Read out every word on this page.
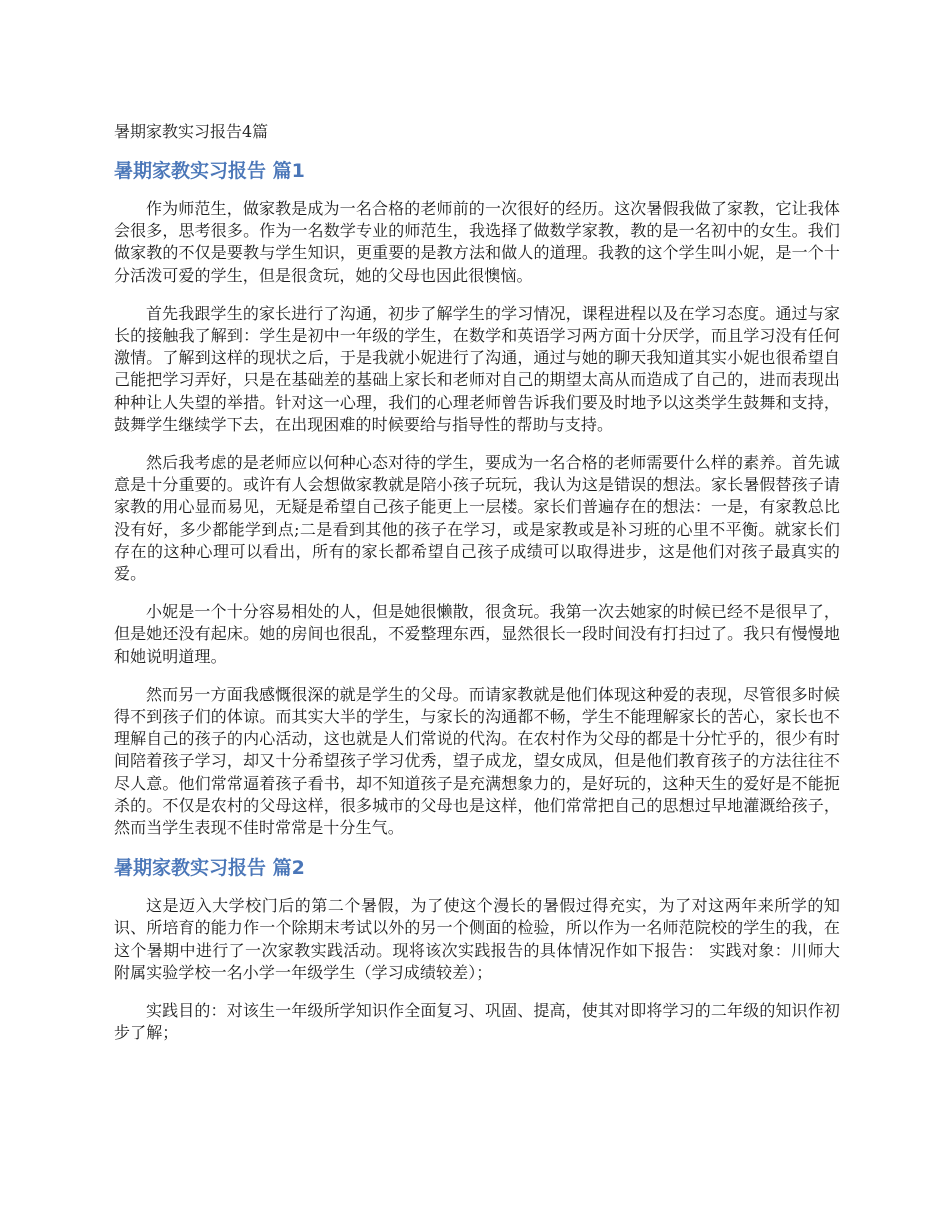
暑期家教实习报告4篇
暑期家教实习报告 篇1

作为师范生，做家教是成为一名合格的老师前的一次很好的经历。这次暑假我做了家教，它让我体会很多，思考很多。作为一名数学专业的师范生，我选择了做数学家教，教的是一名初中的女生。我们做家教的不仅是要教与学生知识，更重要的是教方法和做人的道理。我教的这个学生叫小妮，是一个十分活泼可爱的学生，但是很贪玩，她的父母也因此很懊恼。

首先我跟学生的家长进行了沟通，初步了解学生的学习情况，课程进程以及在学习态度。通过与家长的接触我了解到：学生是初中一年级的学生，在数学和英语学习两方面十分厌学，而且学习没有任何激情。了解到这样的现状之后，于是我就小妮进行了沟通，通过与她的聊天我知道其实小妮也很希望自己能把学习弄好，只是在基础差的基础上家长和老师对自己的期望太高从而造成了自己的，进而表现出种种让人失望的举措。针对这一心理，我们的心理老师曾告诉我们要及时地予以这类学生鼓舞和支持，鼓舞学生继续学下去，在出现困难的时候要给与指导性的帮助与支持。

然后我考虑的是老师应以何种心态对待的学生，要成为一名合格的老师需要什么样的素养。首先诚意是十分重要的。或许有人会想做家教就是陪小孩子玩玩，我认为这是错误的想法。家长暑假替孩子请家教的用心显而易见，无疑是希望自己孩子能更上一层楼。家长们普遍存在的想法：一是，有家教总比没有好，多少都能学到点;二是看到其他的孩子在学习，或是家教或是补习班的心里不平衡。就家长们存在的这种心理可以看出，所有的家长都希望自己孩子成绩可以取得进步，这是他们对孩子最真实的爱。

小妮是一个十分容易相处的人，但是她很懒散，很贪玩。我第一次去她家的时候已经不是很早了，但是她还没有起床。她的房间也很乱，不爱整理东西，显然很长一段时间没有打扫过了。我只有慢慢地和她说明道理。

然而另一方面我感慨很深的就是学生的父母。而请家教就是他们体现这种爱的表现，尽管很多时候得不到孩子们的体谅。而其实大半的学生，与家长的沟通都不畅，学生不能理解家长的苦心，家长也不理解自己的孩子的内心活动，这也就是人们常说的代沟。在农村作为父母的都是十分忙乎的，很少有时间陪着孩子学习，却又十分希望孩子学习优秀，望子成龙，望女成凤，但是他们教育孩子的方法往往不尽人意。他们常常逼着孩子看书，却不知道孩子是充满想象力的，是好玩的，这种天生的爱好是不能扼杀的。不仅是农村的父母这样，很多城市的父母也是这样，他们常常把自己的思想过早地灌溉给孩子，然而当学生表现不佳时常常是十分生气。

暑期家教实习报告 篇2

这是迈入大学校门后的第二个暑假，为了使这个漫长的暑假过得充实，为了对这两年来所学的知识、所培育的能力作一个除期末考试以外的另一个侧面的检验，所以作为一名师范院校的学生的我，在这个暑期中进行了一次家教实践活动。现将该次实践报告的具体情况作如下报告： 实践对象：川师大附属实验学校一名小学一年级学生（学习成绩较差）；

实践目的：对该生一年级所学知识作全面复习、巩固、提高，使其对即将学习的二年级的知识作初步了解；
